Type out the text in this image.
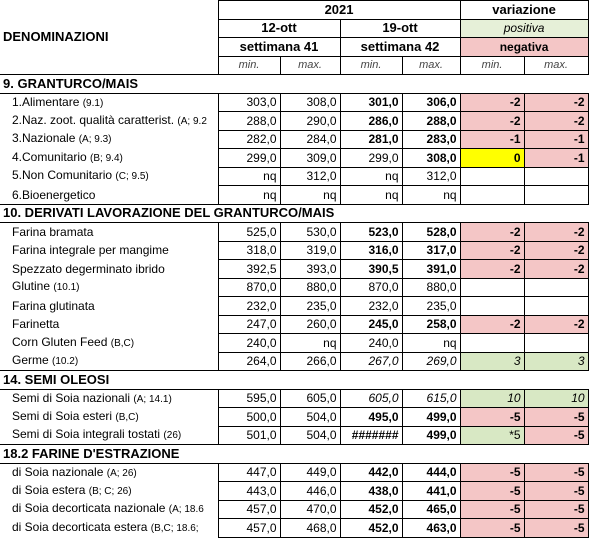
DENOMINAZIONI	2021				variazione	
	12-ott		19-ott		positiva	
	settimana 41		settimana 42		negativa	
	min.	max.	min.	max.	min.	max.
9. GRANTURCO/MAIS						
1.Alimentare (9.1)	303,0	308,0	301,0	306,0	-2	-2
2.Naz. zoot. qualità caratterist. (A; 9.2	288,0	290,0	286,0	288,0	-2	-2
3.Nazionale (A; 9.3)	282,0	284,0	281,0	283,0	-1	-1
4.Comunitario (B; 9.4)	299,0	309,0	299,0	308,0	0	-1
5.Non Comunitario (C; 9.5)	nq	312,0	nq	312,0		
6.Bioenergetico	nq	nq	nq	nq		
10. DERIVATI LAVORAZIONE DEL GRANTURCO/MAIS						
Farina bramata	525,0	530,0	523,0	528,0	-2	-2
Farina integrale per mangime	318,0	319,0	316,0	317,0	-2	-2
Spezzato degerminato ibrido	392,5	393,0	390,5	391,0	-2	-2
Glutine (10.1)	870,0	880,0	870,0	880,0		
Farina glutinata	232,0	235,0	232,0	235,0		
Farinetta	247,0	260,0	245,0	258,0	-2	-2
Corn Gluten Feed (B,C)	240,0	nq	240,0	nq		
Germe (10.2)	264,0	266,0	267,0	269,0	3	3
14. SEMI OLEOSI						
Semi di Soia nazionali (A; 14.1)	595,0	605,0	605,0	615,0	10	10
Semi di Soia esteri (B,C)	500,0	504,0	495,0	499,0	-5	-5
Semi di Soia integrali tostati (26)	501,0	504,0	#######	499,0	*5	-5
18.2 FARINE D'ESTRAZIONE						
di Soia nazionale (A; 26)	447,0	449,0	442,0	444,0	-5	-5
di Soia estera (B; C; 26)	443,0	446,0	438,0	441,0	-5	-5
di Soia decorticata nazionale (A; 18.6	457,0	470,0	452,0	465,0	-5	-5
di Soia decorticata estera (B,C; 18.6;	457,0	468,0	452,0	463,0	-5	-5
